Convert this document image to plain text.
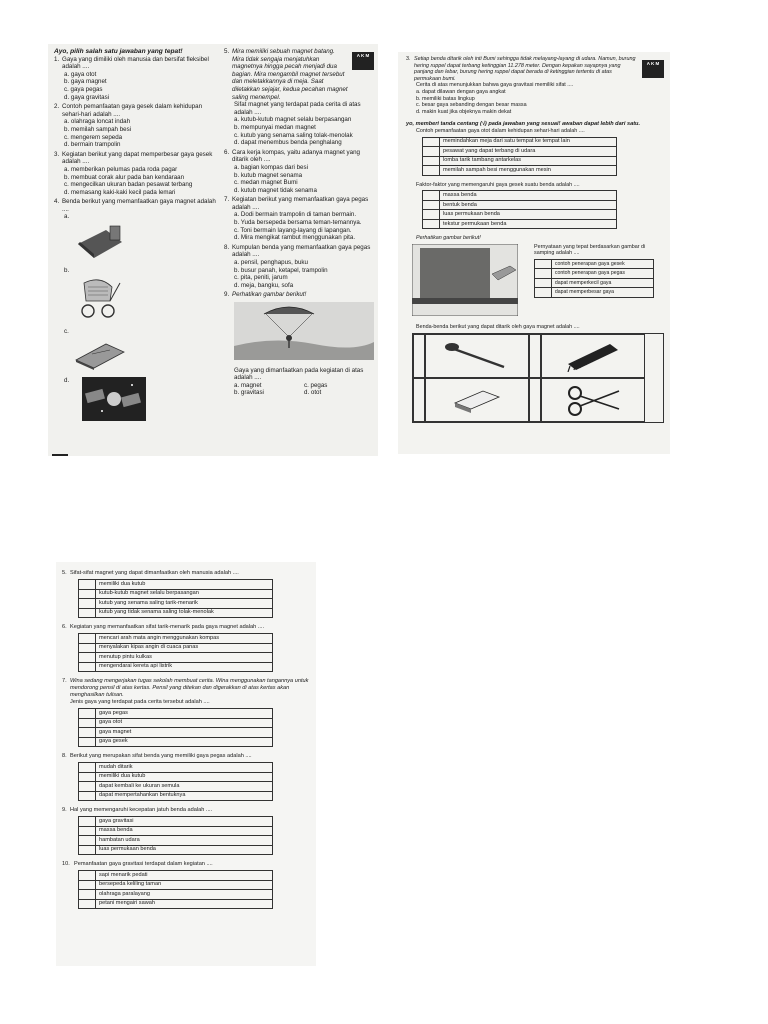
Ayo, pilih salah satu jawaban yang tepat!

1. Gaya yang dimiliki oleh manusia dan bersifat fleksibel adalah ....

a. gaya otot

b. gaya magnet

c. gaya pegas

d. gaya gravitasi

2. Contoh pemanfaatan gaya gesek dalam kehidupan sehari-hari adalah ....

a. olahraga loncat indah

b. memilah sampah besi

c. mengerem sepeda

d. bermain trampolin

3. Kegiatan berikut yang dapat memperbesar gaya gesek adalah ....

a. memberikan pelumas pada roda pagar

b. membuat corak alur pada ban kendaraan

c. mengecilkan ukuran badan pesawat terbang

d. memasang kaki-kaki kecil pada lemari

4. Benda berikut yang memanfaatkan gaya magnet adalah ....

a.

b.

c.

d.

A K M
5. Mira memiliki sebuah magnet batang. Mira tidak sengaja menjatuhkan magnetnya hingga pecah menjadi dua bagian. Mira mengambil magnet tersebut dan meletakkannya di meja. Saat diletakkan sejajar, kedua pecahan magnet saling menempel.

Sifat magnet yang terdapat pada cerita di atas adalah ....

a. kutub-kutub magnet selalu berpasangan

b. mempunyai medan magnet

c. kutub yang senama saling tolak-menolak

d. dapat menembus benda penghalang

6. Cara kerja kompas, yaitu adanya magnet yang ditarik oleh ....

a. bagian kompas dari besi

b. kutub magnet senama

c. medan magnet Bumi

d. kutub magnet tidak senama

7. Kegiatan berikut yang memanfaatkan gaya pegas adalah ....

a. Dodi bermain trampolin di taman bermain.

b. Yuda bersepeda bersama teman-temannya.

c. Toni bermain layang-layang di lapangan.

d. Mira mengikat rambut menggunakan pita.

8. Kumpulan benda yang memanfaatkan gaya pegas adalah ....

a. pensil, penghapus, buku

b. busur panah, ketapel, trampolin

c. pita, peniti, jarum

d. meja, bangku, sofa

9. Perhatikan gambar berikut!

Gaya yang dimanfaatkan pada kegiatan di atas adalah ....

a. magnet

b. gravitasi

c. pegas

d. otot

A K M
3. Setiap benda ditarik oleh inti Bumi sehingga tidak melayang-layang di udara. Namun, burung hering ruppel dapat terbang ketinggian 11.278 meter. Dengan kepakan sayapnya yang panjang dan lebar, burung hering ruppel dapat berada di ketinggian tertentu di atas permukaan bumi.

Cerita di atas menunjukkan bahwa gaya gravitasi memiliki sifat ....

a. dapat dilawan dengan gaya angkat

b. memiliki batas lingkup

c. besar gaya sebanding dengan besar massa

d. makin kuat jika objeknya makin dekat

yo, memberi tanda centang (√) pada jawaban yang sesuai! awaban dapat lebih dari satu.

Contoh pemanfaatan gaya otot dalam kehidupan sehari-hari adalah ....

	memindahkan meja dari satu tempat ke tempat lain
	pesawat yang dapat terbang di udara
	lomba tarik tambang antarkelas
	memilah sampah besi menggunakan mesin

Faktor-faktor yang memengaruhi gaya gesek suatu benda adalah ....

	massa benda
	bentuk benda
	luas permukaan benda
	tekstur permukaan benda

Perhatikan gambar berikut!

Pernyataan yang tepat berdasarkan gambar di samping adalah ....

	contoh penerapan gaya gesek
	contoh penerapan gaya pegas
	dapat memperkecil gaya
	dapat memperbesar gaya

Benda-benda berikut yang dapat ditarik oleh gaya magnet adalah ....

5. Sifat-sifat magnet yang dapat dimanfaatkan oleh manusia adalah ....
	memiliki dua kutub
	kutub-kutub magnet selalu berpasangan
	kutub yang senama saling tarik-menarik
	kutub yang tidak senama saling tolak-menolak
6. Kegiatan yang memanfaatkan sifat tarik-menarik pada gaya magnet adalah ....
	mencari arah mata angin menggunakan kompas
	menyalakan kipas angin di cuaca panas
	menutup pintu kulkas
	mengendarai kereta api listrik
7. Wina sedang mengerjakan tugas sekolah membuat cerita. Wina menggunakan tangannya untuk mendorong pensil di atas kertas. Pensil yang ditekan dan digerakkan di atas kertas akan menghasilkan tulisan.

Jenis gaya yang terdapat pada cerita tersebut adalah ....

	gaya pegas
	gaya otot
	gaya magnet
	gaya gesek
8. Berikut yang merupakan sifat benda yang memiliki gaya pegas adalah ....
	mudah ditarik
	memiliki dua kutub
	dapat kembali ke ukuran semula
	dapat mempertahankan bentuknya
9. Hal yang memengaruhi kecepatan jatuh benda adalah ....
	gaya gravitasi
	massa benda
	hambatan udara
	luas permukaan benda
10. Pemanfaatan gaya gravitasi terdapat dalam kegiatan ....
	sapi menarik pedati
	bersepeda keliling taman
	olahraga paralayang
	petani mengairi sawah
